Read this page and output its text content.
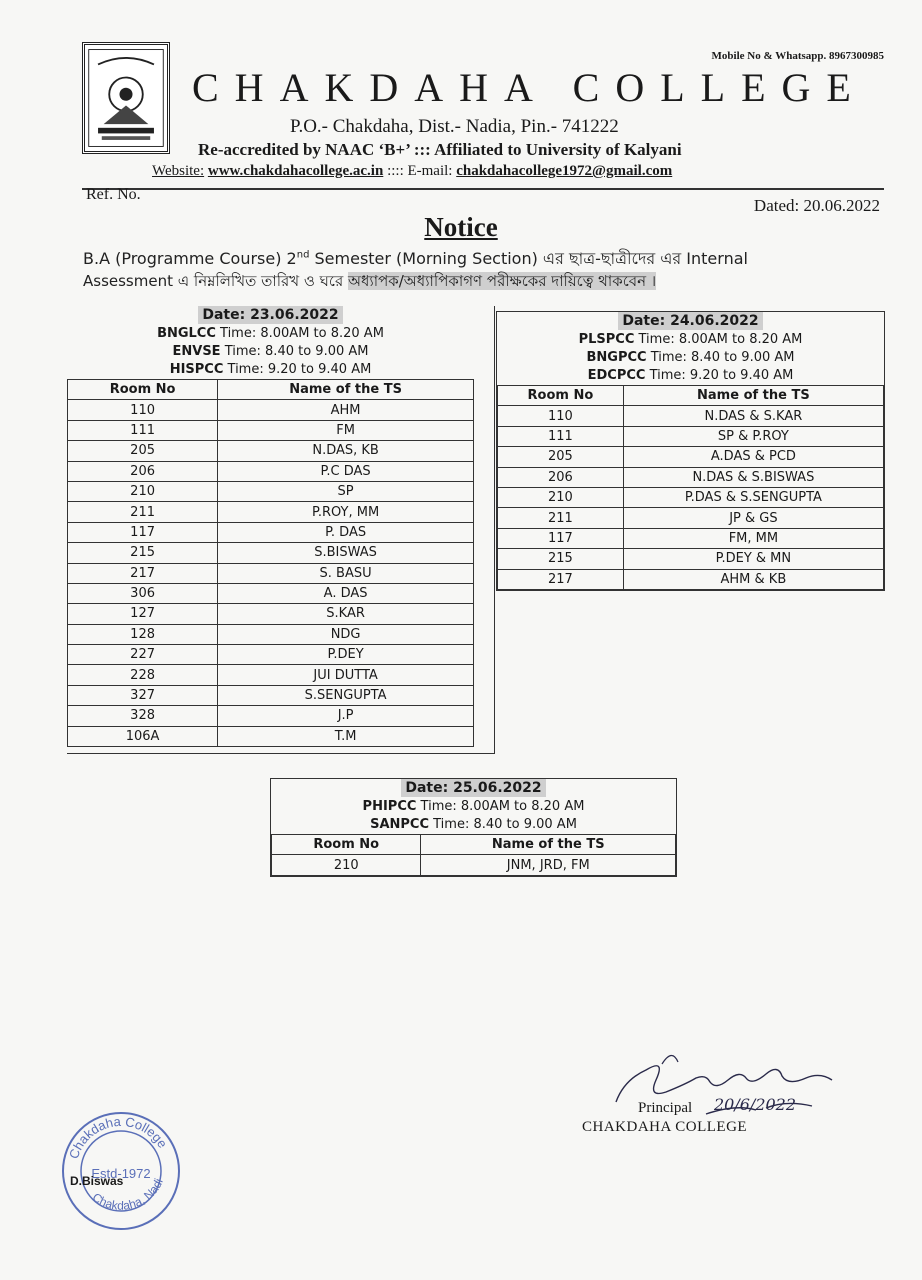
Mobile No & Whatsapp. 8967300985
CHAKDAHA COLLEGE
P.O.- Chakdaha, Dist.- Nadia, Pin.- 741222
Re-accredited by NAAC ‘B+’ ::: Affiliated to University of Kalyani
Website: www.chakdahacollege.ac.in :::: E-mail: chakdahacollege1972@gmail.com
Ref. No.
Dated: 20.06.2022
Notice
B.A (Programme Course) 2nd Semester (Morning Section) এর ছাত্র-ছাত্রীদের এর Internal
Assessment এ নিম্নলিখিত তারিখ ও ঘরে অধ্যাপক/অধ্যাপিকাগণ পরীক্ষকের দায়িত্বে থাকবেন ।
Date: 23.06.2022
BNGLCC Time: 8.00AM to 8.20 AM
ENVSE Time: 8.40 to 9.00 AM
HISPCC Time: 9.20 to 9.40 AM
Room No	Name of the TS
110	AHM
111	FM
205	N.DAS, KB
206	P.C DAS
210	SP
211	P.ROY, MM
117	P. DAS
215	S.BISWAS
217	S. BASU
306	A. DAS
127	S.KAR
128	NDG
227	P.DEY
228	JUI DUTTA
327	S.SENGUPTA
328	J.P
106A	T.M
Date: 24.06.2022
PLSPCC Time: 8.00AM to 8.20 AM
BNGPCC Time: 8.40 to 9.00 AM
EDCPCC Time: 9.20 to 9.40 AM
Room No	Name of the TS
110	N.DAS & S.KAR
111	SP & P.ROY
205	A.DAS & PCD
206	N.DAS & S.BISWAS
210	P.DAS & S.SENGUPTA
211	JP & GS
117	FM, MM
215	P.DEY & MN
217	AHM & KB
Date: 25.06.2022
PHIPCC Time: 8.00AM to 8.20 AM
SANPCC Time: 8.40 to 9.00 AM
Room No	Name of the TS
210	JNM, JRD, FM
20/6/2022
Principal
CHAKDAHA COLLEGE
Chakdaha College
Chakdaha, Nadi
Estd-1972
D.Biswas
